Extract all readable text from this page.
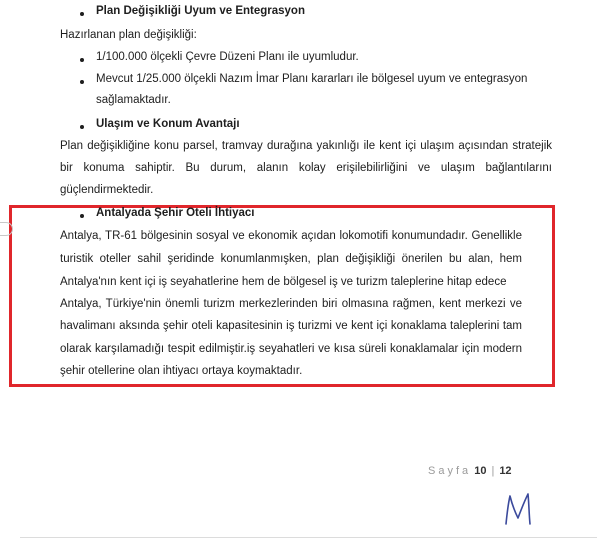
Plan Değişikliği Uyum ve Entegrasyon
Hazırlanan plan değişikliği:
1/100.000 ölçekli Çevre Düzeni Planı ile uyumludur.
Mevcut 1/25.000 ölçekli Nazım İmar Planı kararları ile bölgesel uyum ve entegrasyon
sağlamaktadır.
Ulaşım ve Konum Avantajı
Plan değişikliğine konu parsel, tramvay durağına yakınlığı ile kent içi ulaşım açısından stratejik
bir konuma sahiptir. Bu durum, alanın kolay erişilebilirliğini ve ulaşım bağlantılarını
güçlendirmektedir.
Antalyada Şehir Oteli İhtiyacı
Antalya, TR-61 bölgesinin sosyal ve ekonomik açıdan lokomotifi konumundadır. Genellikle
turistik oteller sahil şeridinde konumlanmışken, plan değişikliği önerilen bu alan, hem
Antalya'nın kent içi iş seyahatlerine hem de bölgesel iş ve turizm taleplerine hitap edece
Antalya, Türkiye'nin önemli turizm merkezlerinden biri olmasına rağmen, kent merkezi ve
havalimanı aksında şehir oteli kapasitesinin iş turizmi ve kent içi konaklama taleplerini tam
olarak karşılamadığı tespit edilmiştir.iş seyahatleri ve kısa süreli konaklamalar için modern
şehir otellerine olan ihtiyacı ortaya koymaktadır.
Sayfa 10 | 12
